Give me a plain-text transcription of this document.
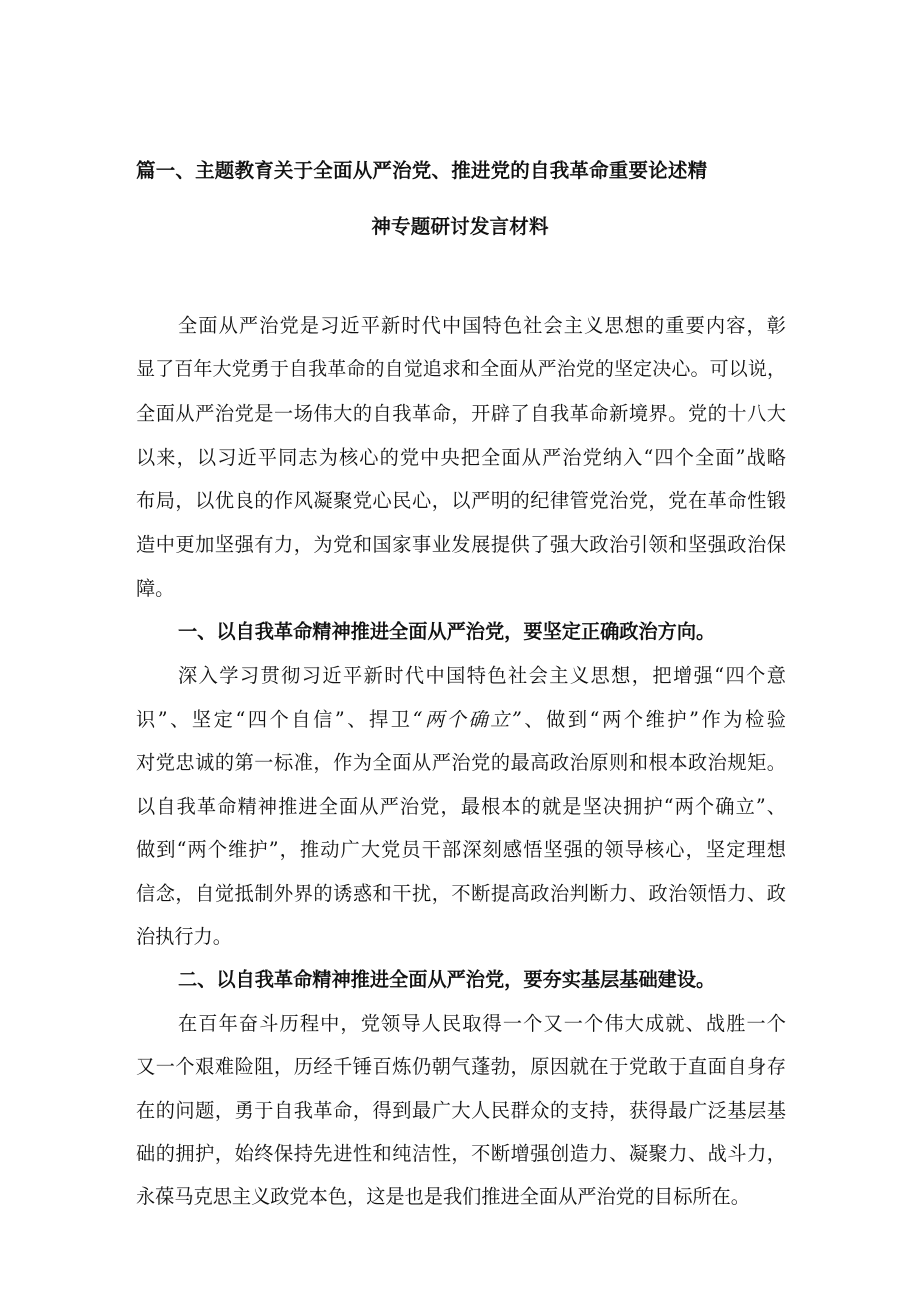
篇一、主题教育关于全面从严治党、推进党的自我革命重要论述精
神专题研讨发言材料
全面从严治党是习近平新时代中国特色社会主义思想的重要内容，彰
显了百年大党勇于自我革命的自觉追求和全面从严治党的坚定决心。可以说，
全面从严治党是一场伟大的自我革命，开辟了自我革命新境界。党的十八大
以来，以习近平同志为核心的党中央把全面从严治党纳入“四个全面”战略
布局，以优良的作风凝聚党心民心，以严明的纪律管党治党，党在革命性锻
造中更加坚强有力，为党和国家事业发展提供了强大政治引领和坚强政治保
障。
一、以自我革命精神推进全面从严治党，要坚定正确政治方向。
深入学习贯彻习近平新时代中国特色社会主义思想，把增强“四个意
识”、坚定“四个自信”、捍卫“两个确立”、做到“两个维护”作为检验
对党忠诚的第一标准，作为全面从严治党的最高政治原则和根本政治规矩。
以自我革命精神推进全面从严治党，最根本的就是坚决拥护“两个确立”、
做到“两个维护”，推动广大党员干部深刻感悟坚强的领导核心，坚定理想
信念，自觉抵制外界的诱惑和干扰，不断提高政治判断力、政治领悟力、政
治执行力。
二、以自我革命精神推进全面从严治党，要夯实基层基础建设。
在百年奋斗历程中，党领导人民取得一个又一个伟大成就、战胜一个
又一个艰难险阻，历经千锤百炼仍朝气蓬勃，原因就在于党敢于直面自身存
在的问题，勇于自我革命，得到最广大人民群众的支持，获得最广泛基层基
础的拥护，始终保持先进性和纯洁性，不断增强创造力、凝聚力、战斗力，
永葆马克思主义政党本色，这是也是我们推进全面从严治党的目标所在。
